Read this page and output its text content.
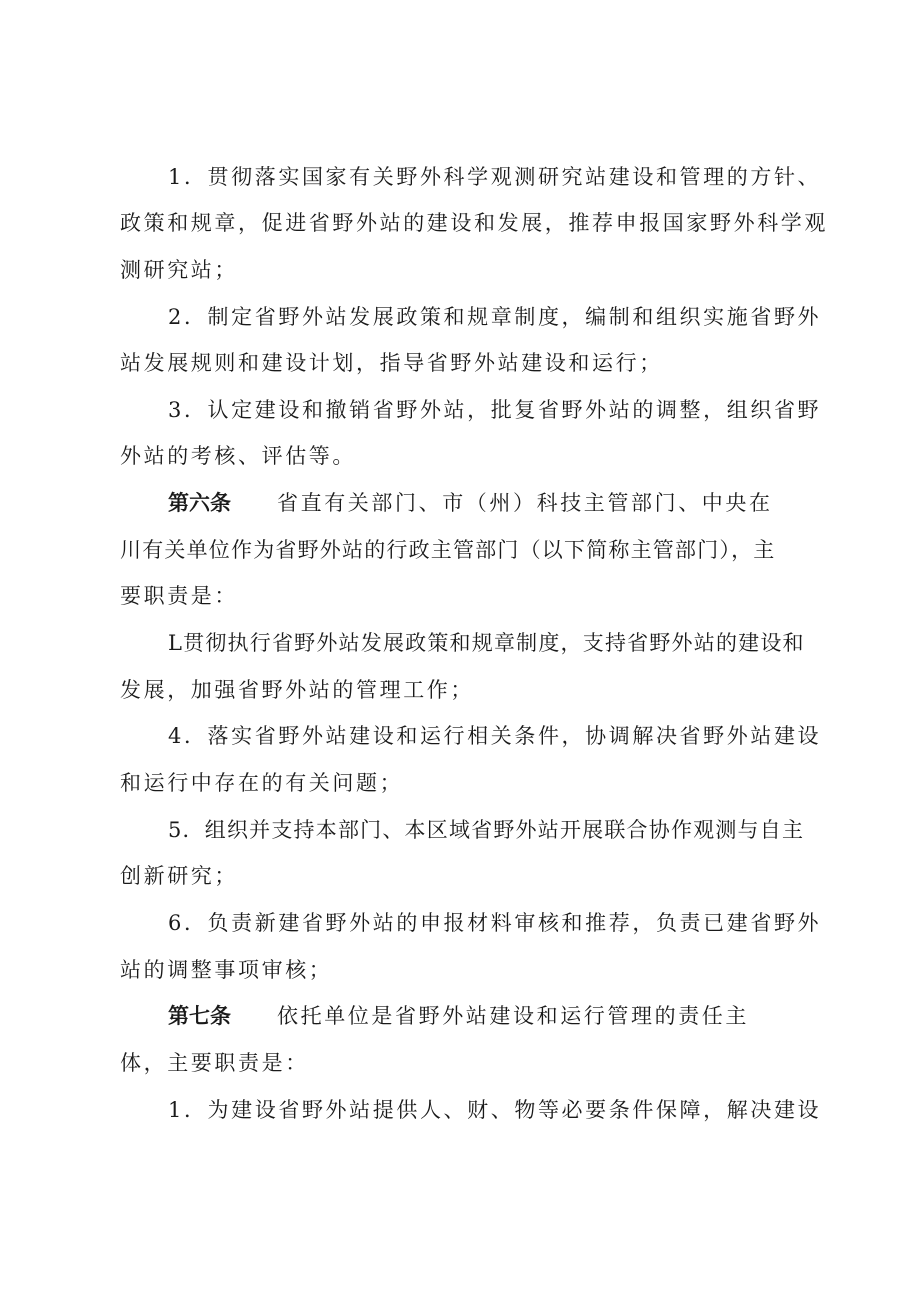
1．贯彻落实国家有关野外科学观测研究站建设和管理的方针、
政策和规章，促进省野外站的建设和发展，推荐申报国家野外科学观
测研究站；
2．制定省野外站发展政策和规章制度，编制和组织实施省野外
站发展规则和建设计划，指导省野外站建设和运行；
3．认定建设和撤销省野外站，批复省野外站的调整，组织省野
外站的考核、评估等。
第六条 省直有关部门、市（州）科技主管部门、中央在
川有关单位作为省野外站的行政主管部门（以下简称主管部门），主
要职责是：
L贯彻执行省野外站发展政策和规章制度，支持省野外站的建设和
发展，加强省野外站的管理工作；
4．落实省野外站建设和运行相关条件，协调解决省野外站建设
和运行中存在的有关问题；
5．组织并支持本部门、本区域省野外站开展联合协作观测与自主
创新研究；
6．负责新建省野外站的申报材料审核和推荐，负责已建省野外
站的调整事项审核；
第七条 依托单位是省野外站建设和运行管理的责任主
体，主要职责是：
1．为建设省野外站提供人、财、物等必要条件保障，解决建设
